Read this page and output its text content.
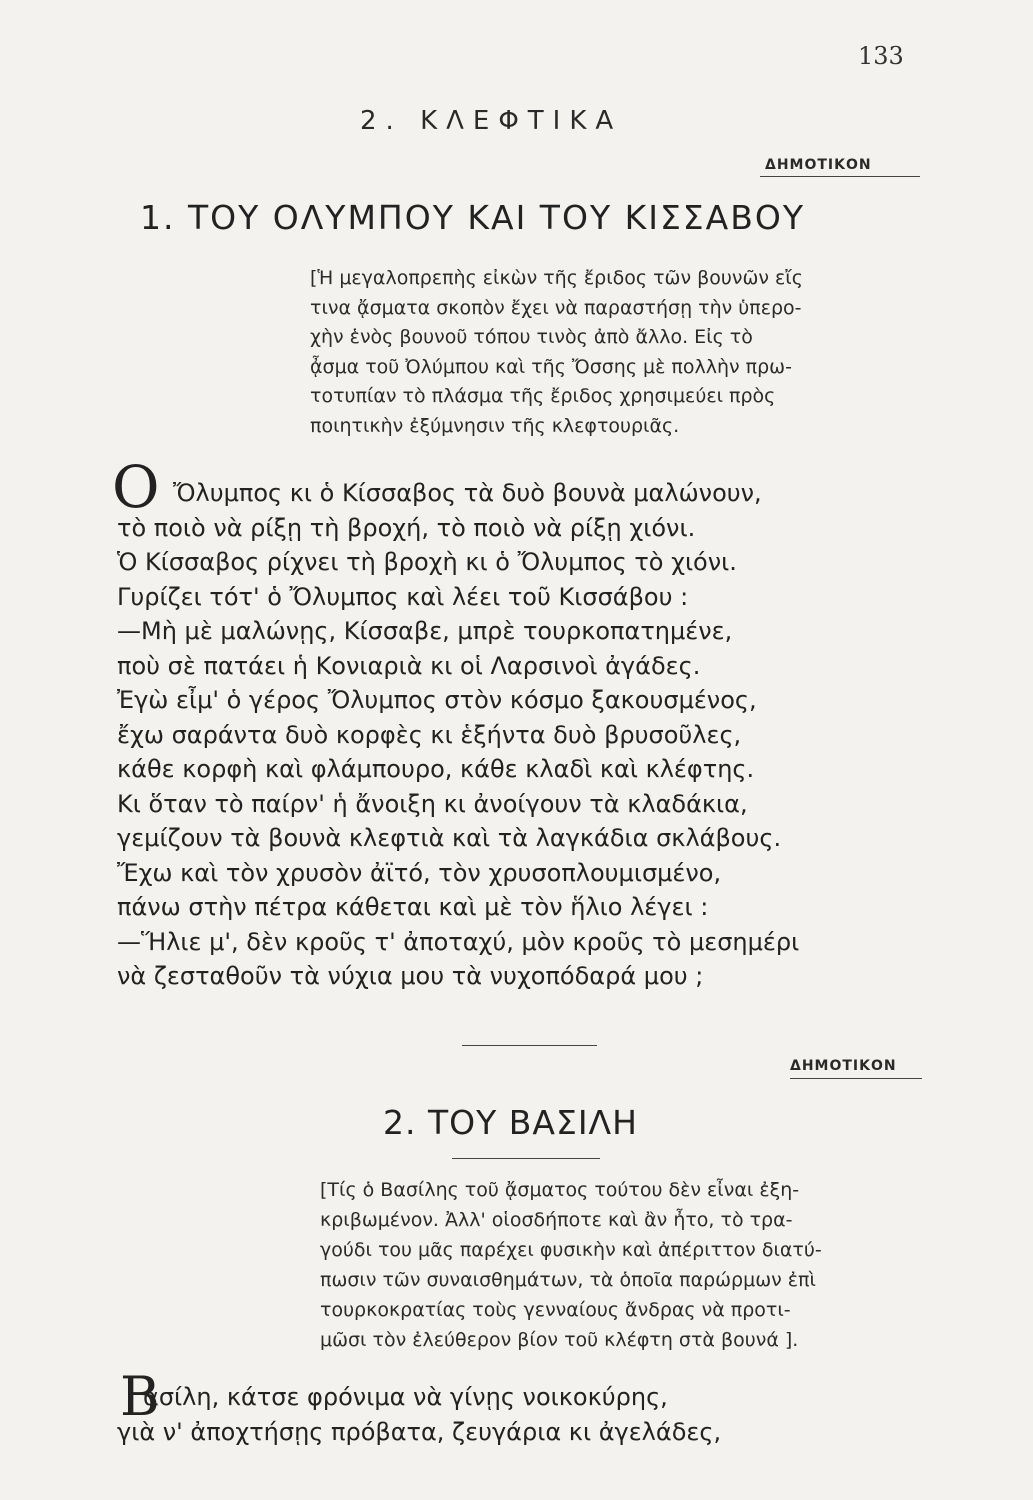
133
2. ΚΛΕΦΤΙΚΑ
ΔΗΜΟΤΙΚΟΝ
1. ΤΟΥ ΟΛΥΜΠΟΥ ΚΑΙ ΤΟΥ ΚΙΣΣΑΒΟΥ
[Ἡ μεγαλοπρεπὴς εἰκὼν τῆς ἔριδος τῶν βουνῶν εἴς
τινα ᾄσματα σκοπὸν ἔχει νὰ παραστήσῃ τὴν ὑπερο-
χὴν ἑνὸς βουνοῦ τόπου τινὸς ἀπὸ ἄλλο. Εἰς τὸ
ᾆσμα τοῦ Ὀλύμπου καὶ τῆς Ὄσσης μὲ πολλὴν πρω-
τοτυπίαν τὸ πλάσμα τῆς ἔριδος χρησιμεύει πρὸς
ποιητικὴν ἐξύμνησιν τῆς κλεφτουριᾶς.
Ο Ὄλυμπος κι ὁ Κίσσαβος τὰ δυὸ βουνὰ μαλώνουν,
τὸ ποιὸ νὰ ρίξῃ τὴ βροχή, τὸ ποιὸ νὰ ρίξῃ χιόνι.
Ὁ Κίσσαβος ρίχνει τὴ βροχὴ κι ὁ Ὄλυμπος τὸ χιόνι.
Γυρίζει τότ' ὁ Ὄλυμπος καὶ λέει τοῦ Κισσάβου :
—Μὴ μὲ μαλώνῃς, Κίσσαβε, μπρὲ τουρκοπατημένε,
ποὺ σὲ πατάει ἡ Κονιαριὰ κι οἱ Λαρσινοὶ ἀγάδες.
Ἐγὼ εἶμ' ὁ γέρος Ὄλυμπος στὸν κόσμο ξακουσμένος,
ἔχω σαράντα δυὸ κορφὲς κι ἑξήντα δυὸ βρυσοῦλες,
κάθε κορφὴ καὶ φλάμπουρο, κάθε κλαδὶ καὶ κλέφτης.
Κι ὅταν τὸ παίρν' ἡ ἄνοιξη κι ἀνοίγουν τὰ κλαδάκια,
γεμίζουν τὰ βουνὰ κλεφτιὰ καὶ τὰ λαγκάδια σκλάβους.
Ἔχω καὶ τὸν χρυσὸν ἀϊτό, τὸν χρυσοπλουμισμένο,
πάνω στὴν πέτρα κάθεται καὶ μὲ τὸν ἥλιο λέγει :
—Ἥλιε μ', δὲν κροῦς τ' ἀποταχύ, μὸν κροῦς τὸ μεσημέρι
νὰ ζεσταθοῦν τὰ νύχια μου τὰ νυχοπόδαρά μου ;
ΔΗΜΟΤΙΚΟΝ
2. ΤΟΥ ΒΑΣΙΛΗ
[Τίς ὁ Βασίλης τοῦ ᾄσματος τούτου δὲν εἶναι ἐξη-
κριβωμένον. Ἀλλ' οἱοσδήποτε καὶ ἂν ἦτο, τὸ τρα-
γούδι του μᾶς παρέχει φυσικὴν καὶ ἀπέριττον διατύ-
πωσιν τῶν συναισθημάτων, τὰ ὁποῖα παρώρμων ἐπὶ
τουρκοκρατίας τοὺς γενναίους ἄνδρας νὰ προτι-
μῶσι τὸν ἐλεύθερον βίον τοῦ κλέφτη στὰ βουνά ].
Β
ασίλη, κάτσε φρόνιμα νὰ γίνῃς νοικοκύρης,
γιὰ ν' ἀποχτήσῃς πρόβατα, ζευγάρια κι ἀγελάδες,
